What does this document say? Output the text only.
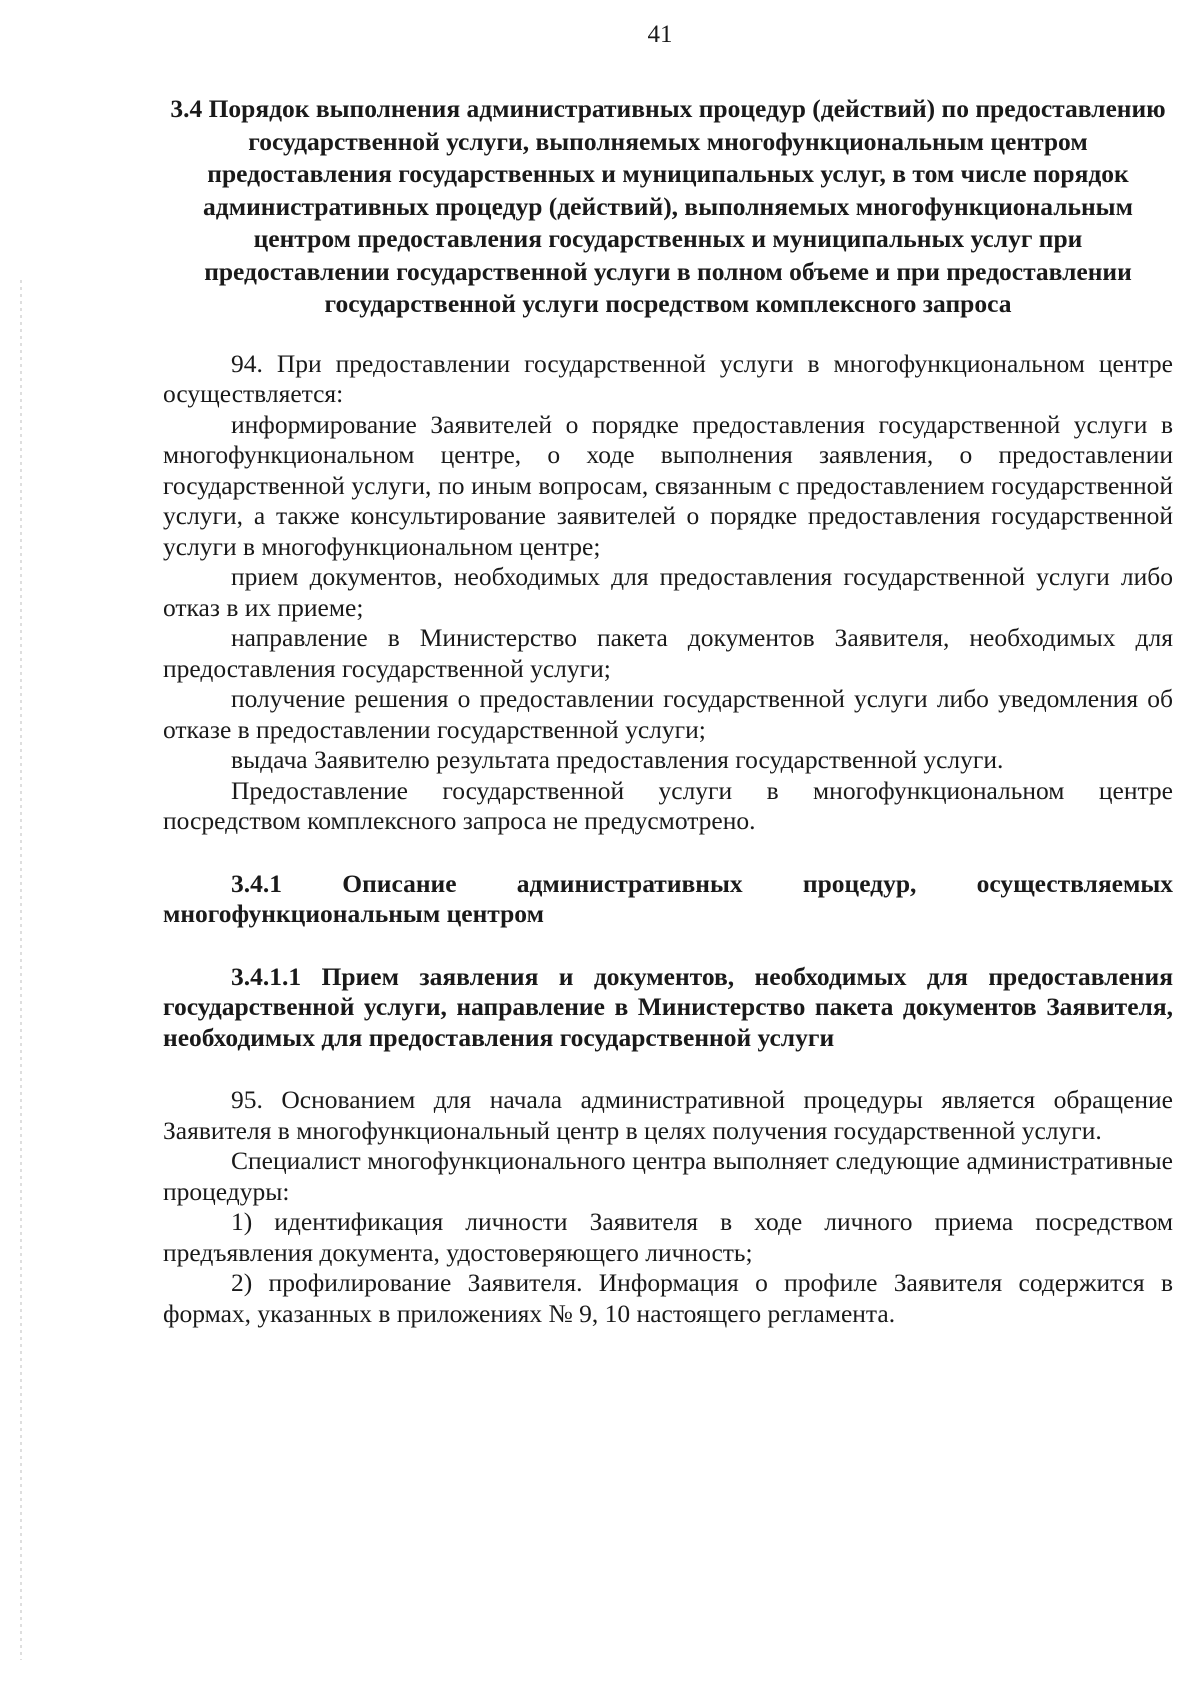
41

3.4 Порядок выполнения административных процедур (действий) по предоставлению государственной услуги, выполняемых многофункциональным центром предоставления государственных и муниципальных услуг, в том числе порядок административных процедур (действий), выполняемых многофункциональным центром предоставления государственных и муниципальных услуг при предоставлении государственной услуги в полном объеме и при предоставлении государственной услуги посредством комплексного запроса

94. При предоставлении государственной услуги в многофункциональном центре осуществляется:

информирование Заявителей о порядке предоставления государственной услуги в многофункциональном центре, о ходе выполнения заявления, о предоставлении государственной услуги, по иным вопросам, связанным с предоставлением государственной услуги, а также консультирование заявителей о порядке предоставления государственной услуги в многофункциональном центре;

прием документов, необходимых для предоставления государственной услуги либо отказ в их приеме;

направление в Министерство пакета документов Заявителя, необходимых для предоставления государственной услуги;

получение решения о предоставлении государственной услуги либо уведомления об отказе в предоставлении государственной услуги;

выдача Заявителю результата предоставления государственной услуги.

Предоставление государственной услуги в многофункциональном центре посредством комплексного запроса не предусмотрено.

3.4.1 Описание административных процедур, осуществляемых многофункциональным центром

3.4.1.1 Прием заявления и документов, необходимых для предоставления государственной услуги, направление в Министерство пакета документов Заявителя, необходимых для предоставления государственной услуги

95. Основанием для начала административной процедуры является обращение Заявителя в многофункциональный центр в целях получения государственной услуги.

Специалист многофункционального центра выполняет следующие административные процедуры:

1) идентификация личности Заявителя в ходе личного приема посредством предъявления документа, удостоверяющего личность;

2) профилирование Заявителя. Информация о профиле Заявителя содержится в формах, указанных в приложениях № 9, 10 настоящего регламента.
